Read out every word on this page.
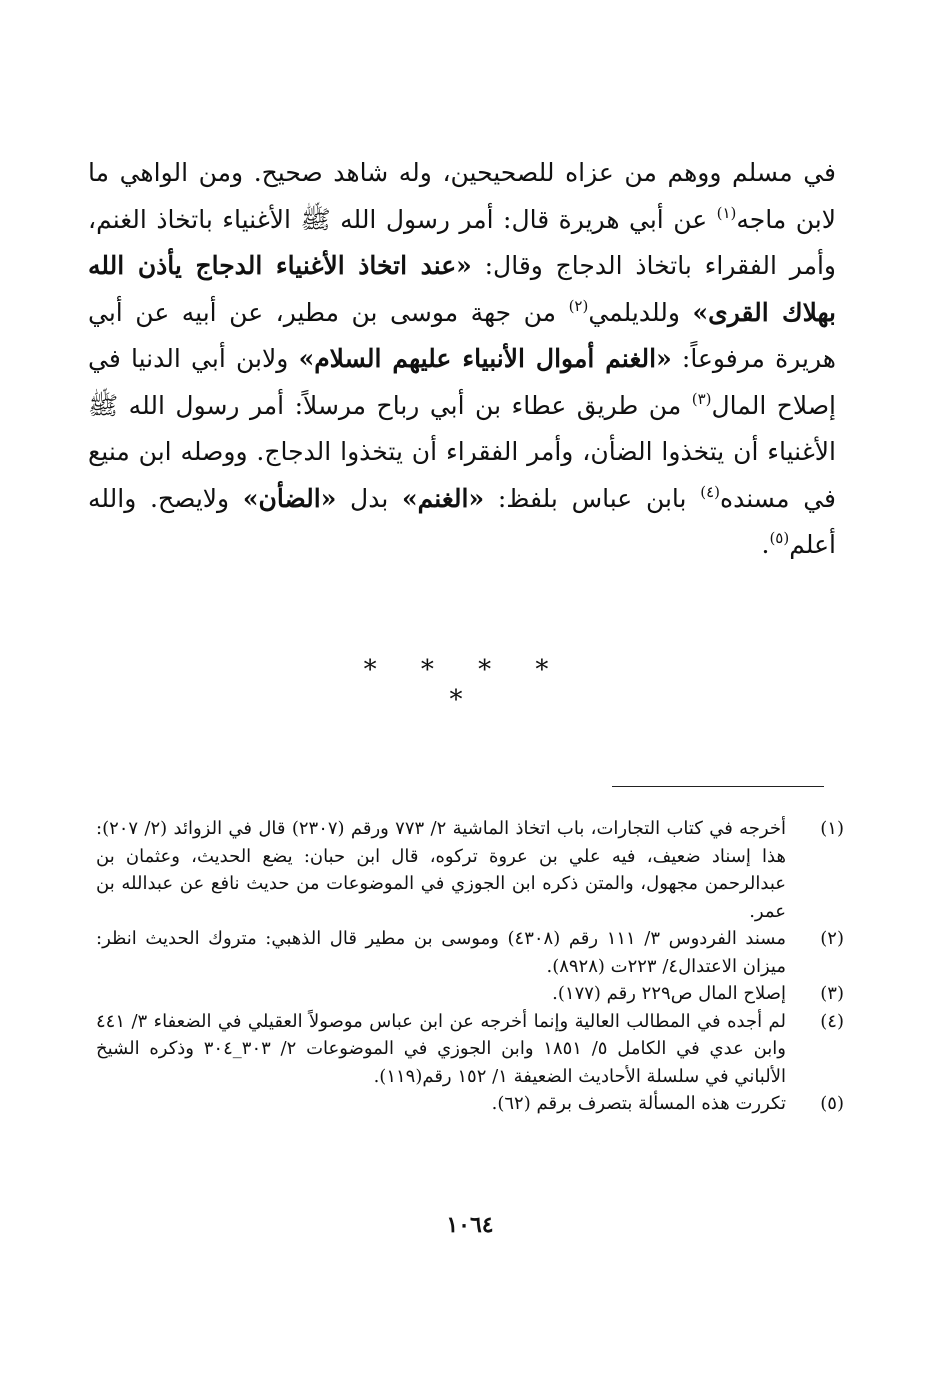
في مسلم ووهم من عزاه للصحيحين، وله شاهد صحيح. ومن الواهي ما لابن ماجه$^{(١)}$ عن أبي هريرة قال: أمر رسول الله ﷺ الأغنياء باتخاذ الغنم، وأمر الفقراء باتخاذ الدجاج وقال: «عند اتخاذ الأغنياء الدجاج يأذن الله بهلاك القرى» وللديلمي$^{(٢)}$ من جهة موسى بن مطير، عن أبيه عن أبي هريرة مرفوعاً: «الغنم أموال الأنبياء عليهم السلام» ولابن أبي الدنيا في إصلاح المال$^{(٣)}$ من طريق عطاء بن أبي رباح مرسلاً: أمر رسول الله ﷺ الأغنياء أن يتخذوا الضأن، وأمر الفقراء أن يتخذوا الدجاج. ووصله ابن منيع في مسنده$^{(٤)}$ بابن عباس بلفظ: «الغنم» بدل «الضأن» ولايصح. والله أعلم$^{(٥)}$.

* * * * *
(١)
أخرجه في كتاب التجارات، باب اتخاذ الماشية ٢/ ٧٧٣ ورقم (٢٣٠٧) قال في الزوائد (٢/ ٢٠٧): هذا إسناد ضعيف، فيه علي بن عروة تركوه، قال ابن حبان: يضع الحديث، وعثمان بن عبدالرحمن مجهول، والمتن ذكره ابن الجوزي في الموضوعات من حديث نافع عن عبدالله بن عمر.
(٢)
مسند الفردوس ٣/ ١١١ رقم (٤٣٠٨) وموسى بن مطير قال الذهبي: متروك الحديث انظر: ميزان الاعتدال٤/ ٢٢٣ت (٨٩٢٨).
(٣)
إصلاح المال ص٢٢٩ رقم (١٧٧).
(٤)
لم أجده في المطالب العالية وإنما أخرجه عن ابن عباس موصولاً العقيلي في الضعفاء ٣/ ٤٤١ وابن عدي في الكامل ٥/ ١٨٥١ وابن الجوزي في الموضوعات ٢/ ٣٠٣_٣٠٤ وذكره الشيخ الألباني في سلسلة الأحاديث الضعيفة ١/ ١٥٢ رقم(١١٩).
(٥)
تكررت هذه المسألة بتصرف برقم (٦٢).
١٠٦٤
